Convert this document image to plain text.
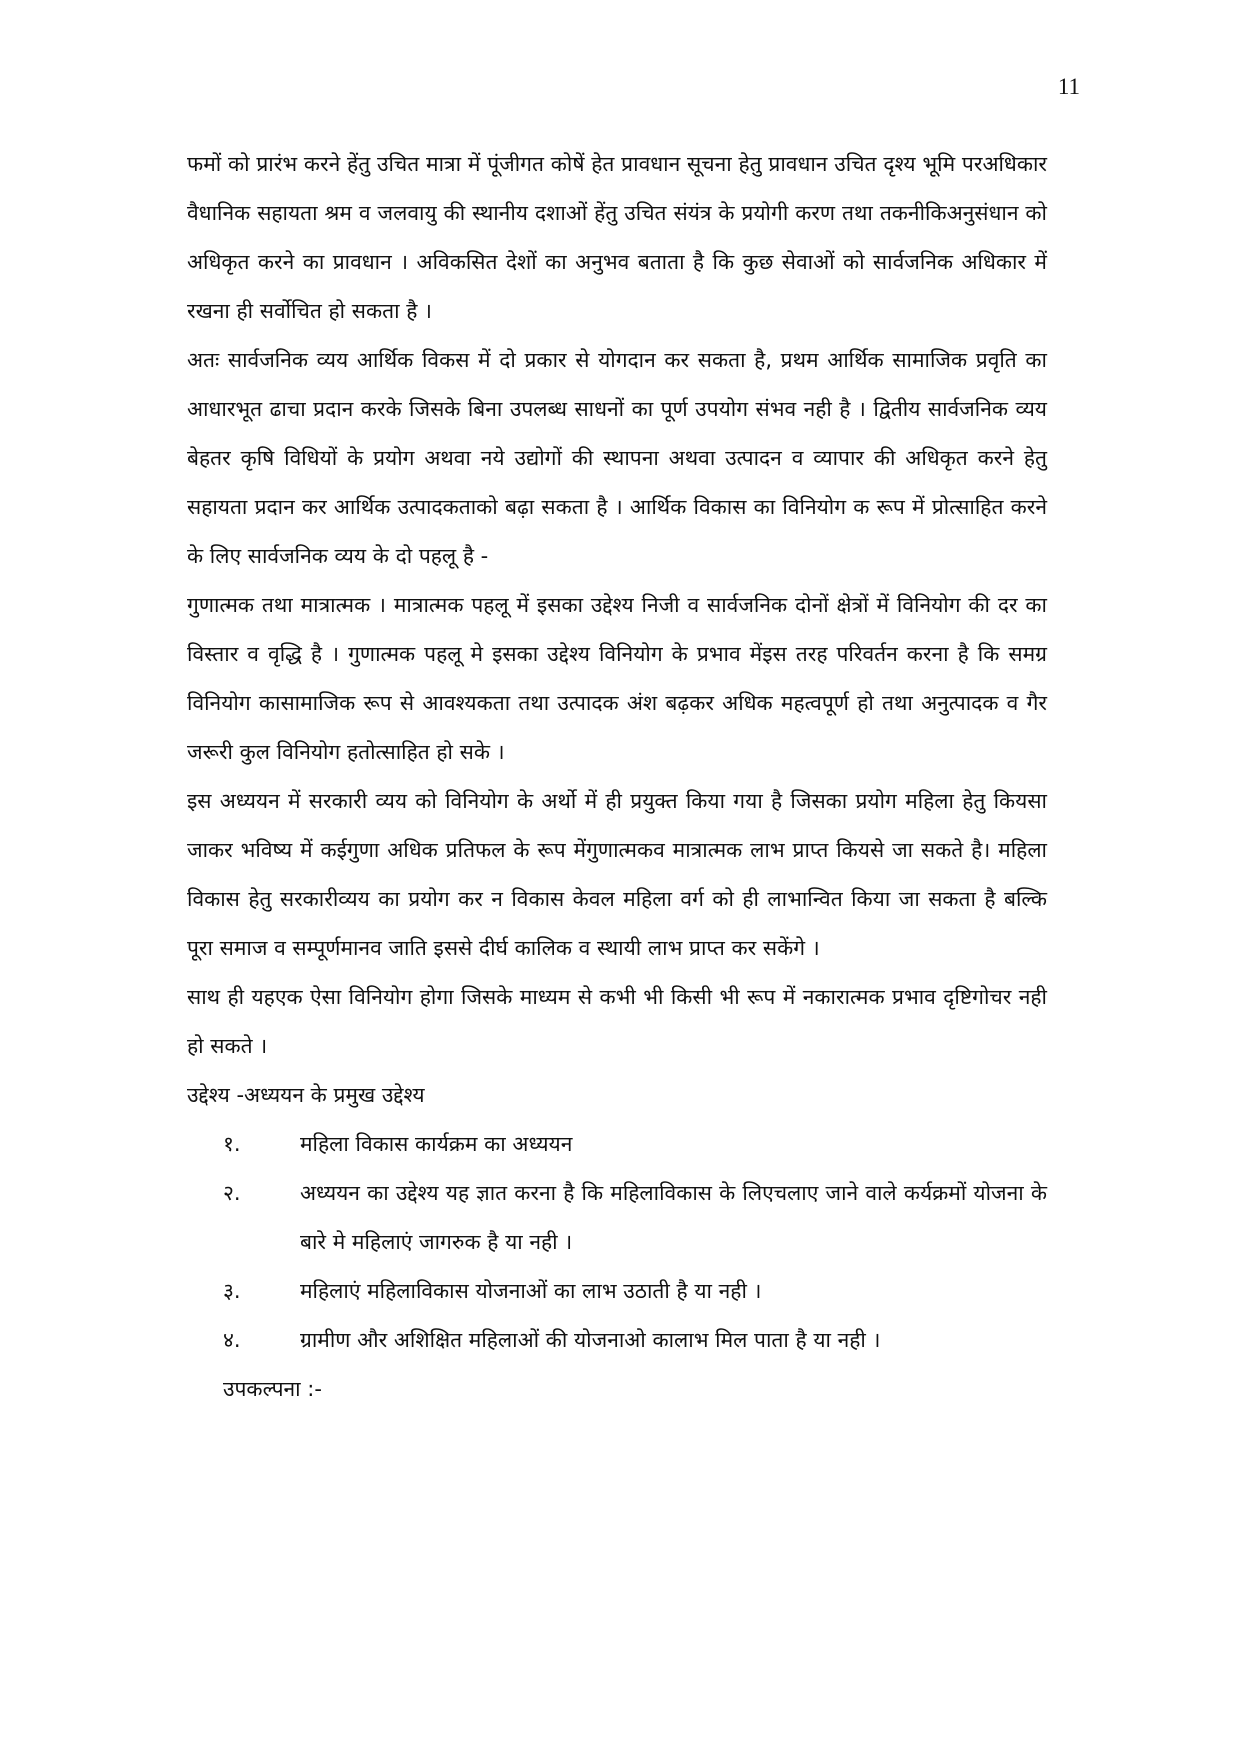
11

फमों को प्रारंभ करने हेंतु उचित मात्रा में पूंजीगत कोषें हेत प्रावधान सूचना हेतु प्रावधान उचित दृश्य भूमि परअधिकार वैधानिक सहायता श्रम व जलवायु की स्थानीय दशाओं हेंतु उचित संयंत्र के प्रयोगी करण तथा तकनीकिअनुसंधान को अधिकृत करने का प्रावधान । अविकसित देशों का अनुभव बताता है कि कुछ सेवाओं को सार्वजनिक अधिकार में रखना ही सर्वोचित हो सकता है ।

अतः सार्वजनिक व्यय आर्थिक विकस में दो प्रकार से योगदान कर सकता है, प्रथम आर्थिक सामाजिक प्रवृति का आधारभूत ढाचा प्रदान करके जिसके बिना उपलब्ध साधनों का पूर्ण उपयोग संभव नही है । द्वितीय सार्वजनिक व्यय बेहतर कृषि विधियों के प्रयोग अथवा नये उद्योगों की स्थापना अथवा उत्पादन व व्यापार की अधिकृत करने हेतु सहायता प्रदान कर आर्थिक उत्पादकताको बढ़ा सकता है । आर्थिक विकास का विनियोग क रूप में प्रोत्साहित करने के लिए सार्वजनिक व्यय के दो पहलू है -

गुणात्मक तथा मात्रात्मक । मात्रात्मक पहलू में इसका उद्देश्य निजी व सार्वजनिक दोनों क्षेत्रों में विनियोग की दर का विस्तार व वृद्धि है । गुणात्मक पहलू मे इसका उद्देश्य विनियोग के प्रभाव मेंइस तरह परिवर्तन करना है कि समग्र विनियोग कासामाजिक रूप से आवश्यकता तथा उत्पादक अंश बढ़कर अधिक महत्वपूर्ण हो तथा अनुत्पादक व गैर जरूरी कुल विनियोग हतोत्साहित हो सके ।

इस अध्ययन में सरकारी व्यय को विनियोग के अर्थो में ही प्रयुक्त किया गया है जिसका प्रयोग महिला हेतु कियसा जाकर भविष्य में कईगुणा अधिक प्रतिफल के रूप मेंगुणात्मकव मात्रात्मक लाभ प्राप्त कियसे जा सकते है। महिला विकास हेतु सरकारीव्यय का प्रयोग कर न विकास केवल महिला वर्ग को ही लाभान्वित किया जा सकता है बल्कि पूरा समाज व सम्पूर्णमानव जाति इससे दीर्घ कालिक व स्थायी लाभ प्राप्त कर सकेंगे ।

साथ ही यहएक ऐसा विनियोग होगा जिसके माध्यम से कभी भी किसी भी रूप में नकारात्मक प्रभाव दृष्टिगोचर नही हो सकते ।

उद्देश्य -अध्ययन के प्रमुख उद्देश्य

१.	महिला विकास कार्यक्रम का अध्ययन
२.	अध्ययन का उद्देश्य यह ज्ञात करना है कि महिलाविकास के लिएचलाए जाने वाले कर्यक्रमों योजना के बारे मे महिलाएं जागरुक है या नही ।
३.	महिलाएं महिलाविकास योजनाओं का लाभ उठाती है या नही ।
४.	ग्रामीण और अशिक्षित महिलाओं की योजनाओ कालाभ मिल पाता है या नही ।

उपकल्पना :-
